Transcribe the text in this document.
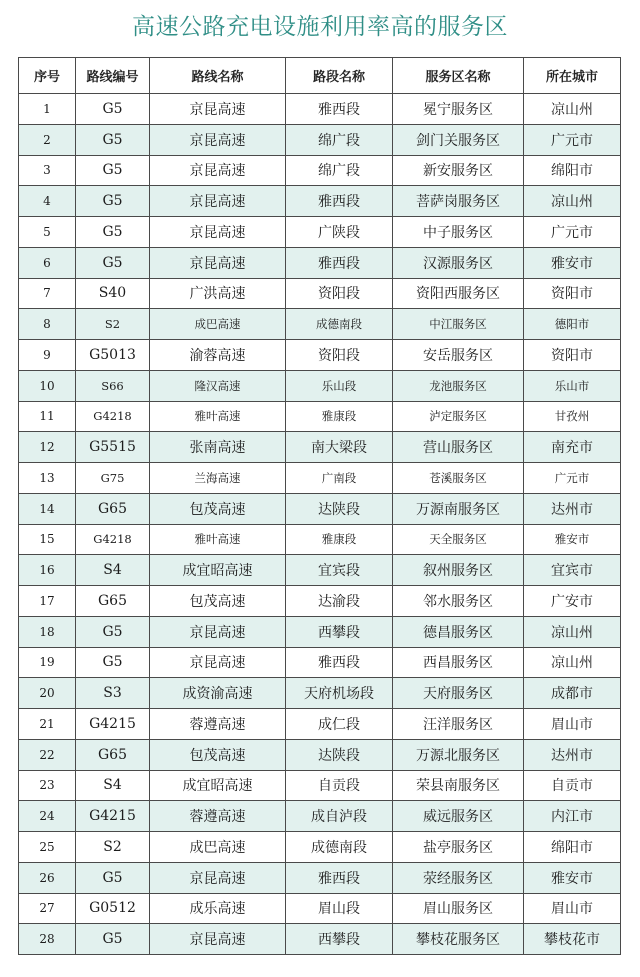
高速公路充电设施利用率高的服务区
序号	路线编号	路线名称	路段名称	服务区名称	所在城市
1	G5	京昆高速	雅西段	冕宁服务区	凉山州
2	G5	京昆高速	绵广段	剑门关服务区	广元市
3	G5	京昆高速	绵广段	新安服务区	绵阳市
4	G5	京昆高速	雅西段	菩萨岗服务区	凉山州
5	G5	京昆高速	广陕段	中子服务区	广元市
6	G5	京昆高速	雅西段	汉源服务区	雅安市
7	S40	广洪高速	资阳段	资阳西服务区	资阳市
8	S2	成巴高速	成德南段	中江服务区	德阳市
9	G5013	渝蓉高速	资阳段	安岳服务区	资阳市
10	S66	隆汉高速	乐山段	龙池服务区	乐山市
11	G4218	雅叶高速	雅康段	泸定服务区	甘孜州
12	G5515	张南高速	南大梁段	营山服务区	南充市
13	G75	兰海高速	广南段	苍溪服务区	广元市
14	G65	包茂高速	达陕段	万源南服务区	达州市
15	G4218	雅叶高速	雅康段	天全服务区	雅安市
16	S4	成宜昭高速	宜宾段	叙州服务区	宜宾市
17	G65	包茂高速	达渝段	邻水服务区	广安市
18	G5	京昆高速	西攀段	德昌服务区	凉山州
19	G5	京昆高速	雅西段	西昌服务区	凉山州
20	S3	成资渝高速	天府机场段	天府服务区	成都市
21	G4215	蓉遵高速	成仁段	汪洋服务区	眉山市
22	G65	包茂高速	达陕段	万源北服务区	达州市
23	S4	成宜昭高速	自贡段	荣县南服务区	自贡市
24	G4215	蓉遵高速	成自泸段	威远服务区	内江市
25	S2	成巴高速	成德南段	盐亭服务区	绵阳市
26	G5	京昆高速	雅西段	荥经服务区	雅安市
27	G0512	成乐高速	眉山段	眉山服务区	眉山市
28	G5	京昆高速	西攀段	攀枝花服务区	攀枝花市
